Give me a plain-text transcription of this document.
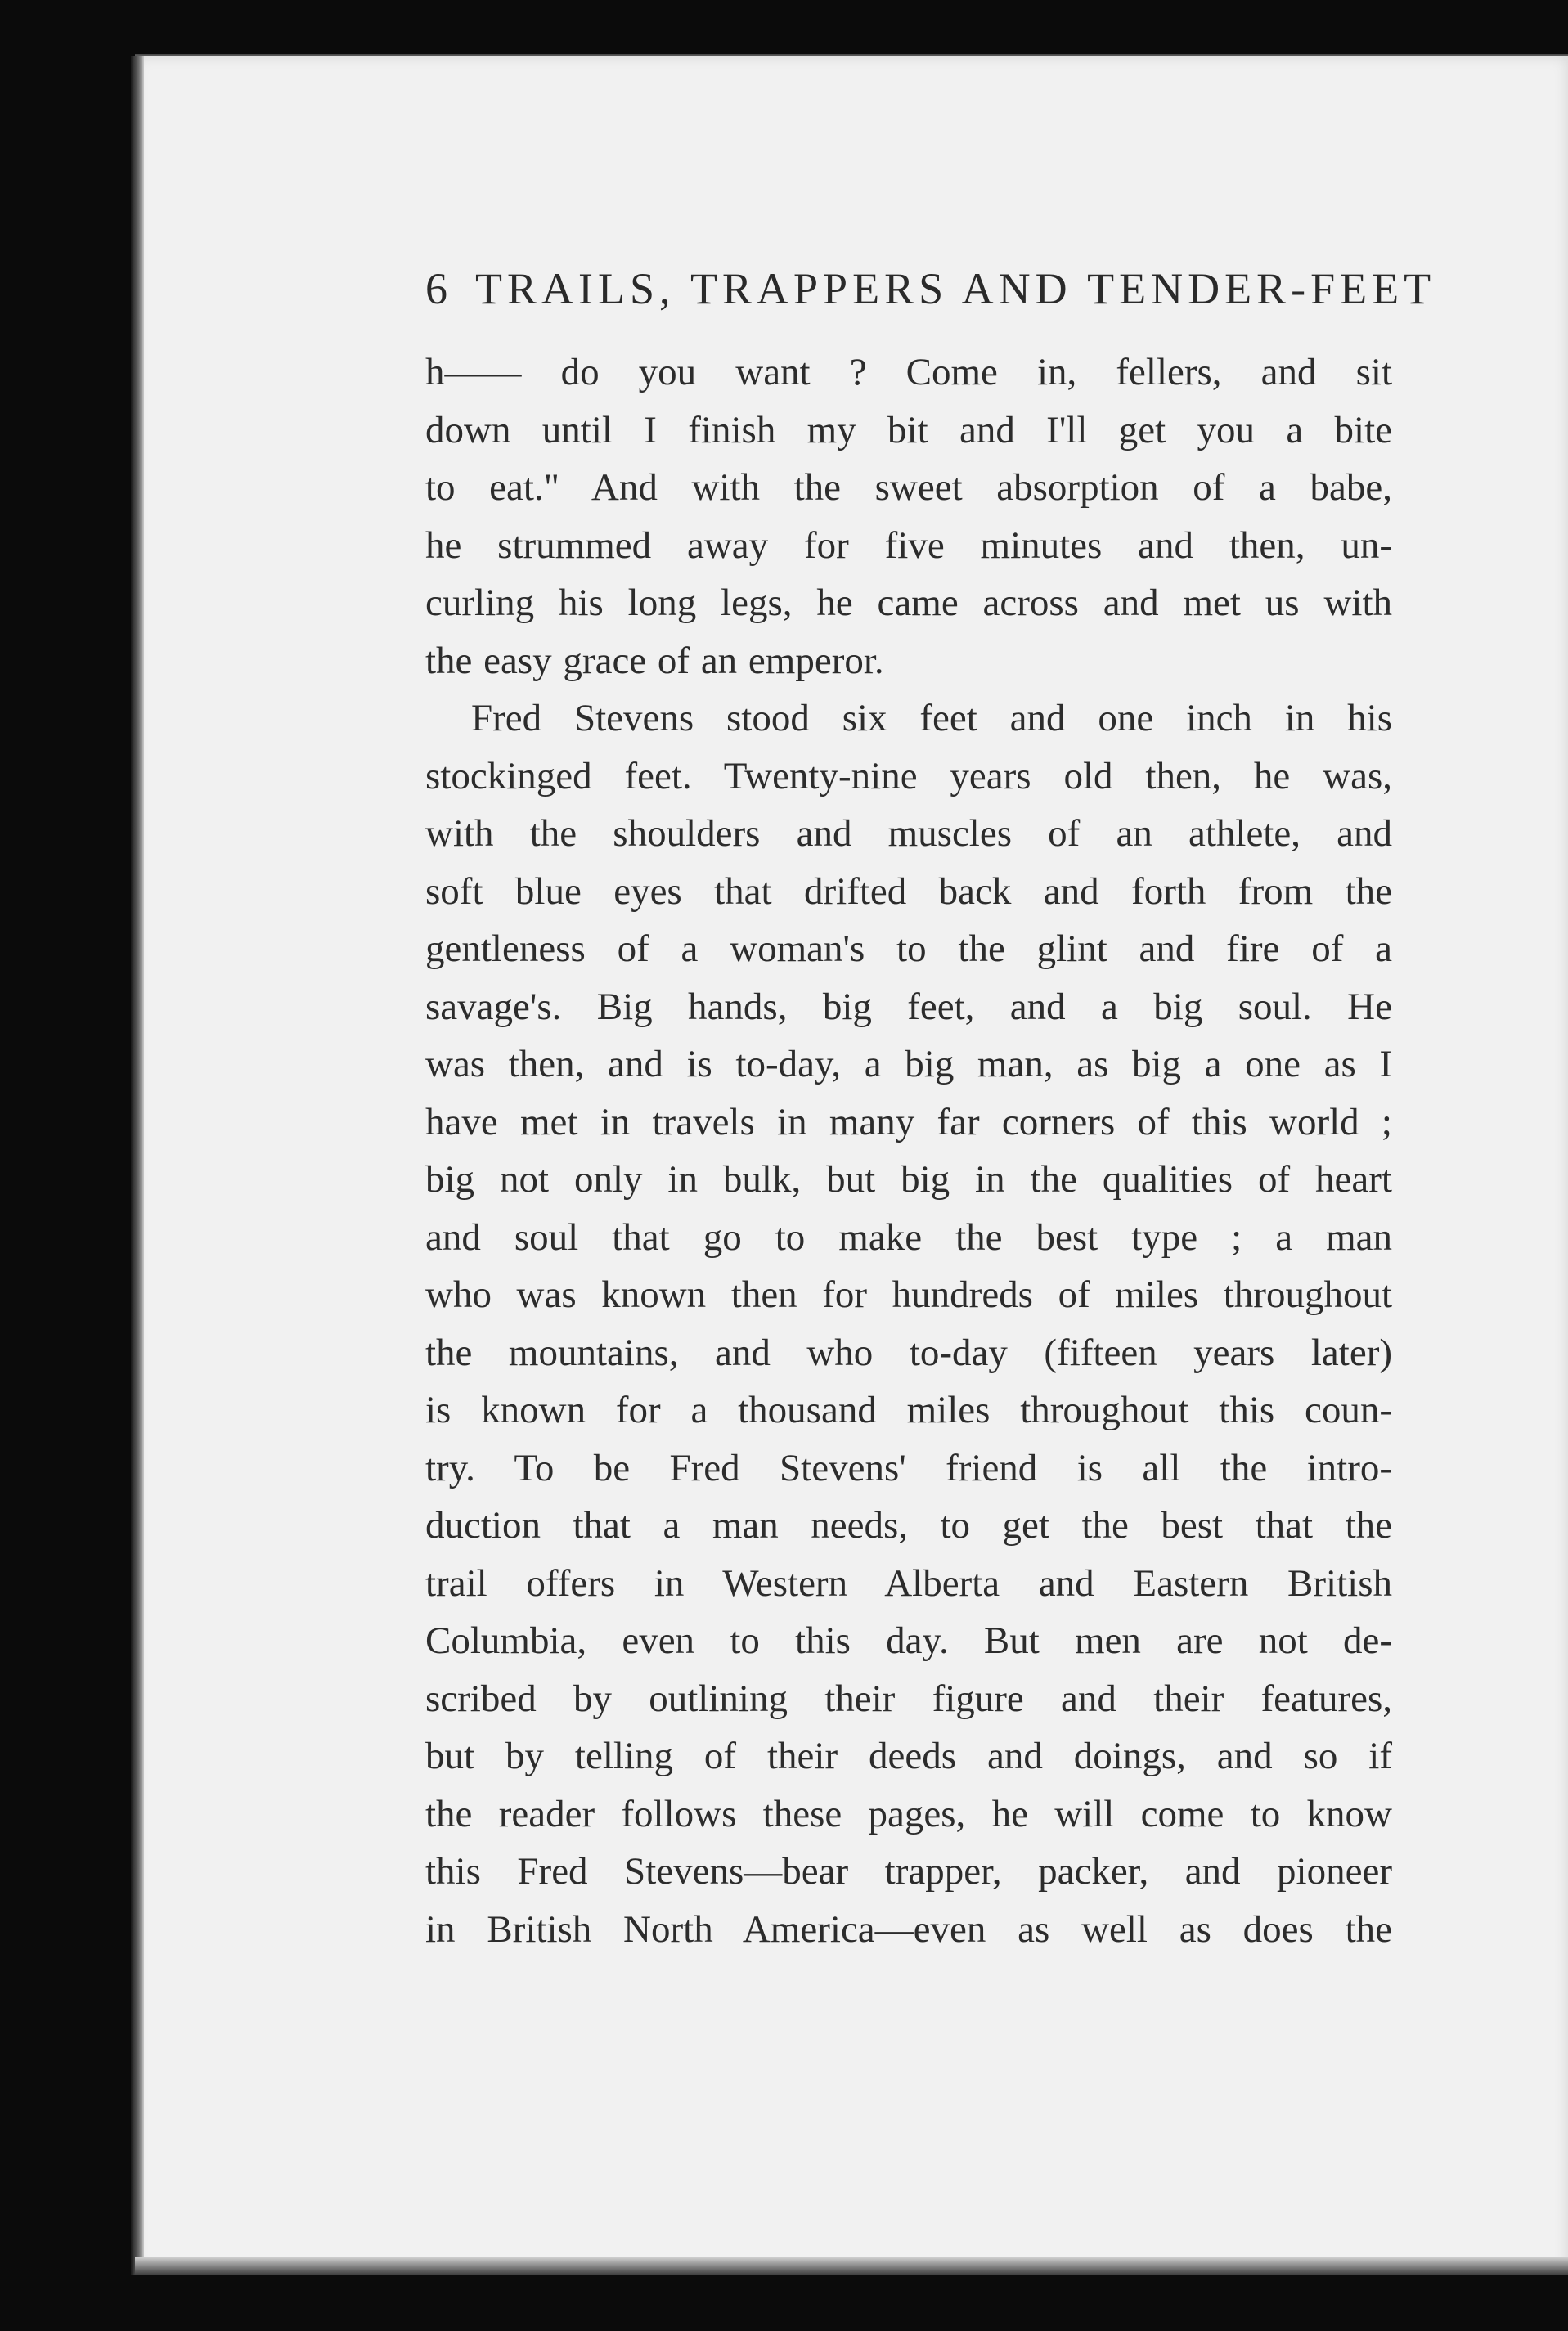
6 TRAILS, TRAPPERS AND TENDER-FEET
h—— do you want ? Come in, fellers, and sit
down until I finish my bit and I'll get you a bite
to eat." And with the sweet absorption of a babe,
he strummed away for five minutes and then, un-
curling his long legs, he came across and met us with
the easy grace of an emperor.
Fred Stevens stood six feet and one inch in his
stockinged feet. Twenty-nine years old then, he was,
with the shoulders and muscles of an athlete, and
soft blue eyes that drifted back and forth from the
gentleness of a woman's to the glint and fire of a
savage's. Big hands, big feet, and a big soul. He
was then, and is to-day, a big man, as big a one as I
have met in travels in many far corners of this world ;
big not only in bulk, but big in the qualities of heart
and soul that go to make the best type ; a man
who was known then for hundreds of miles throughout
the mountains, and who to-day (fifteen years later)
is known for a thousand miles throughout this coun-
try. To be Fred Stevens' friend is all the intro-
duction that a man needs, to get the best that the
trail offers in Western Alberta and Eastern British
Columbia, even to this day. But men are not de-
scribed by outlining their figure and their features,
but by telling of their deeds and doings, and so if
the reader follows these pages, he will come to know
this Fred Stevens—bear trapper, packer, and pioneer
in British North America—even as well as does the
